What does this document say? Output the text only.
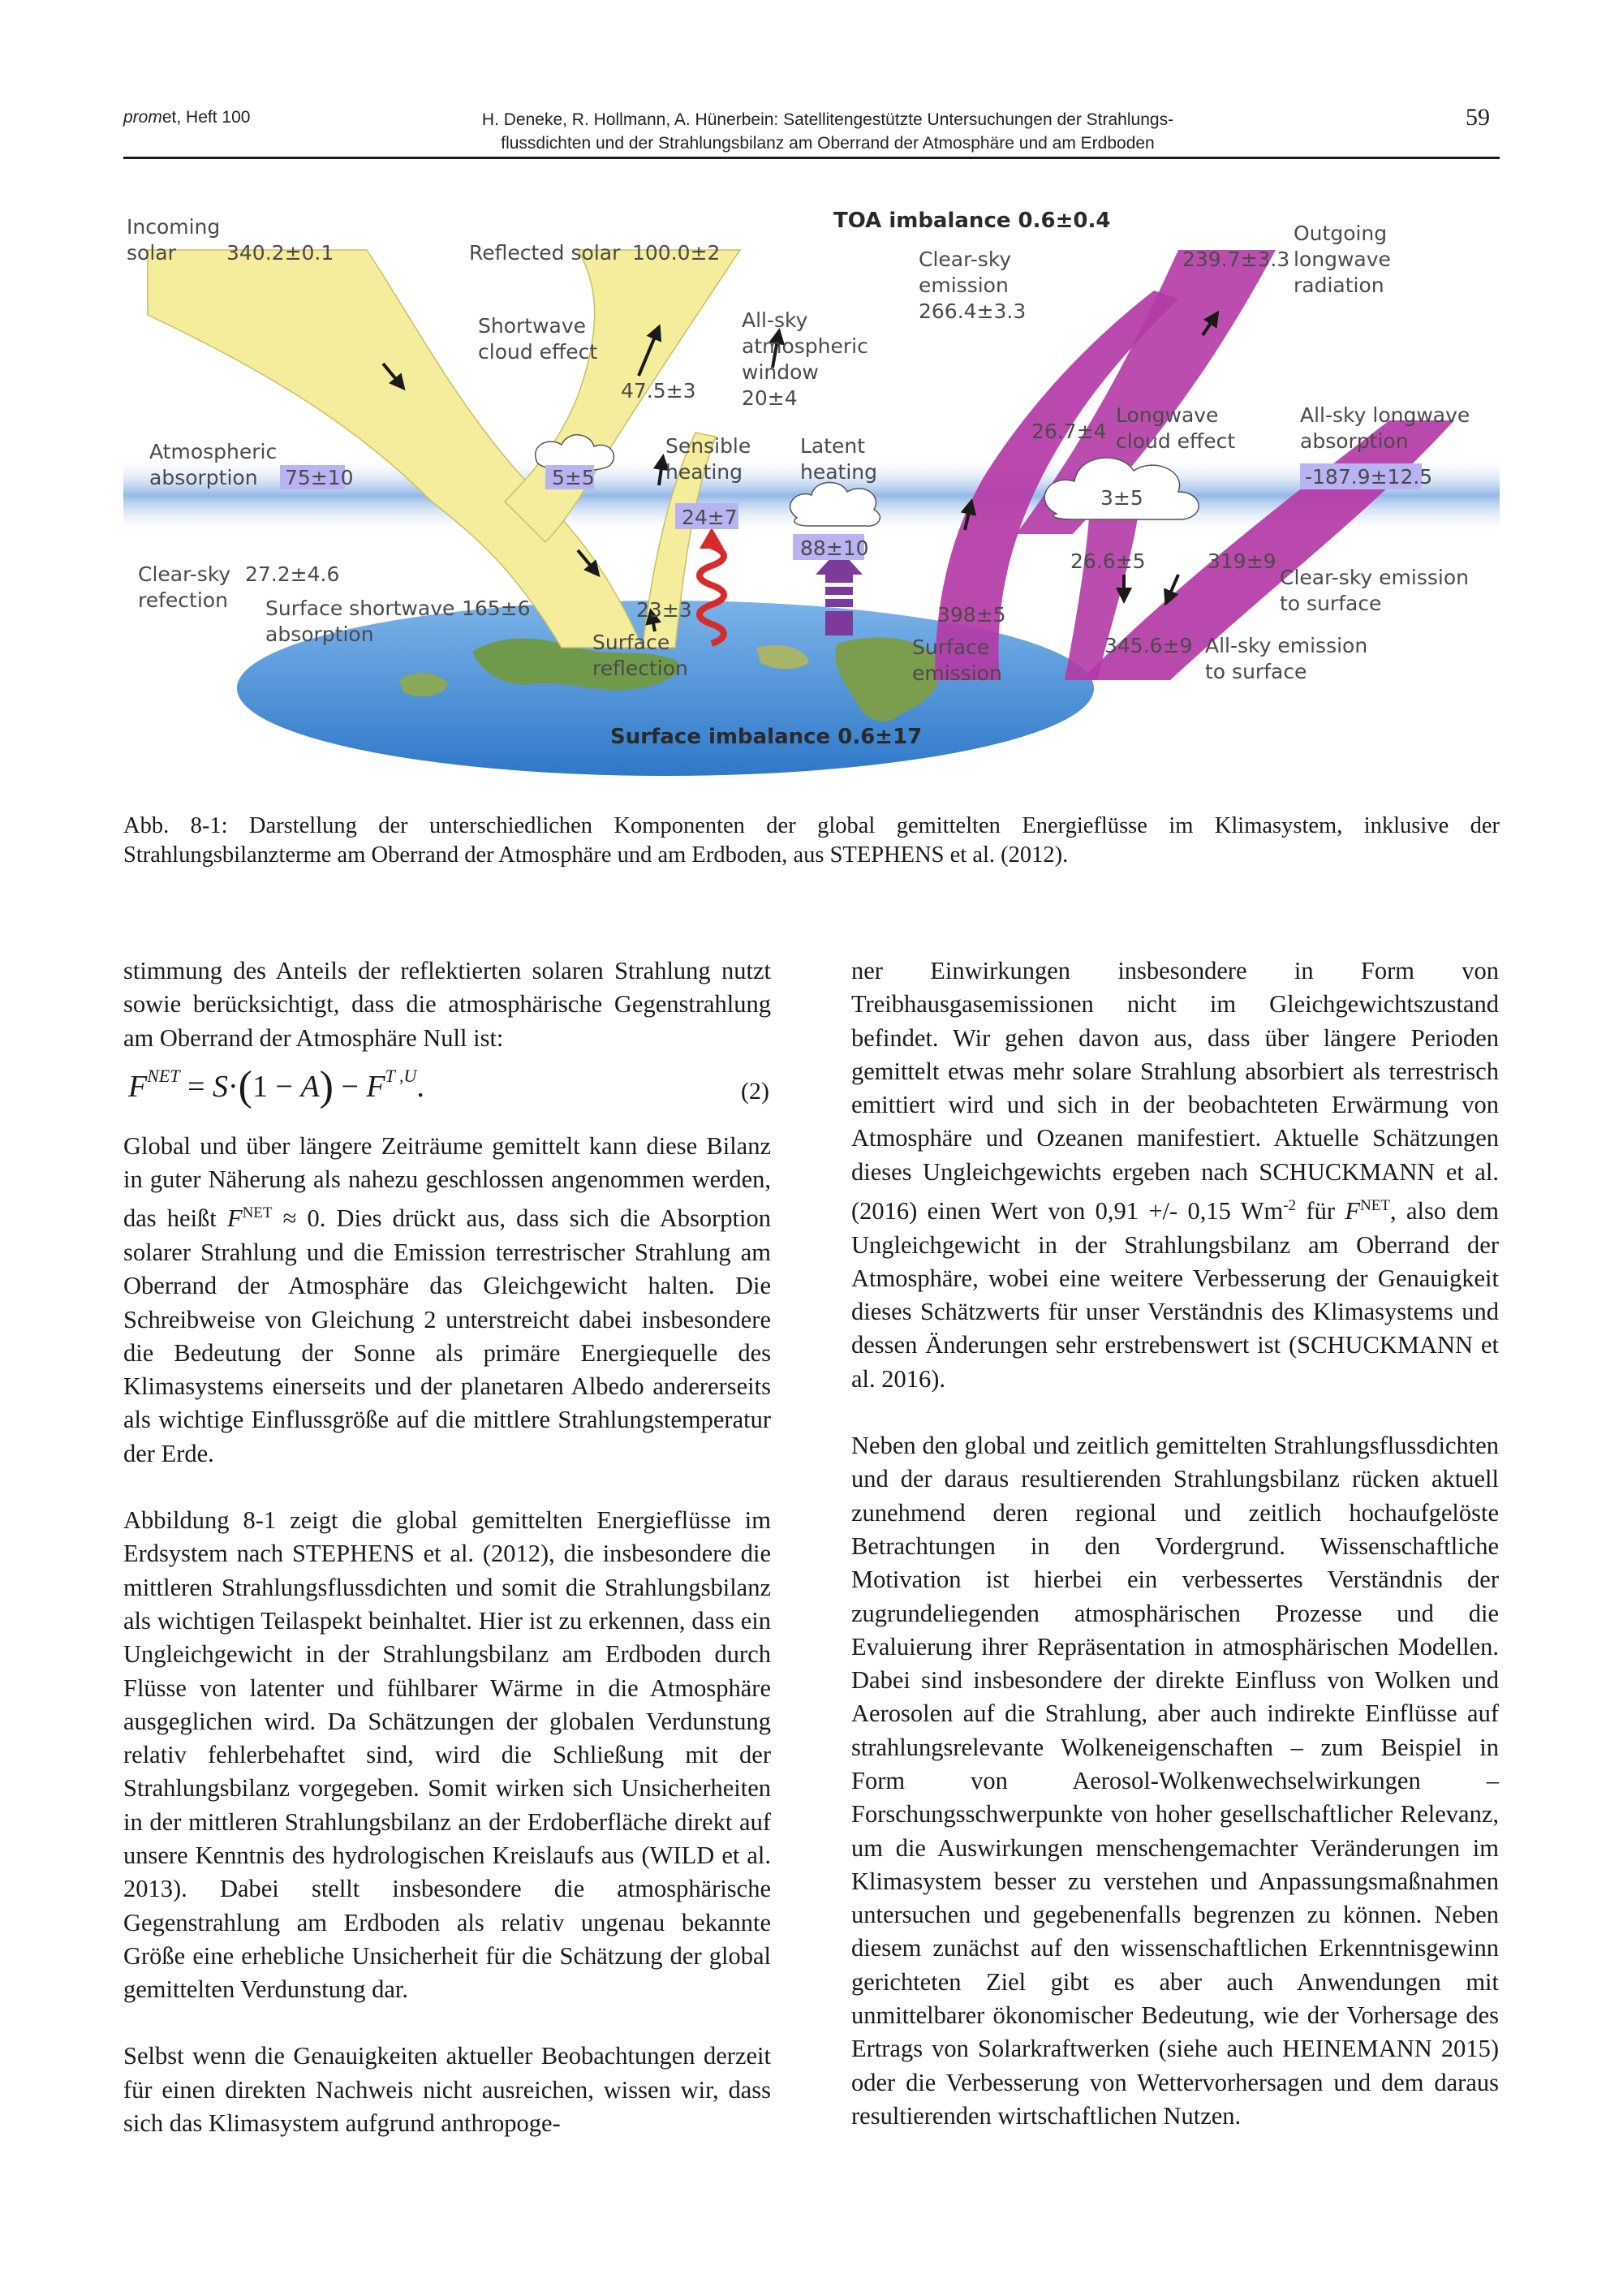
promet, Heft 100	H. Deneke, R. Hollmann, A. Hünerbein: Satellitengestützte Untersuchungen der Strahlungs-
flussdichten und der Strahlungsbilanz am Oberrand der Atmosphäre und am Erdboden
59
TOA imbalance 0.6±0.4
Incoming
solar 340.2±0.1	Reflected solar 100.0±2
Shortwave
cloud effect
47.5±3
All-sky
atmospheric
window
20±4
Clear-sky
emission
266.4±3.3
239.7±3.3
Outgoing
longwave
radiation
Atmospheric
absorption 75±10	5±5
Sensible
heating
24±7
Latent
heating
88±10
26.7±4
Longwave
cloud effect
3±5
All-sky longwave
absorption
-187.9±12.5
Clear-sky
refection
27.2±4.6
Surface shortwave
absorption
165±6	23±3
Surface
reflection
398±5
Surface
emission
26.6±5	319±9
Clear-sky emission
to surface
345.6±9 All-sky emission
to surface
Surface imbalance 0.6±17
Abb. 8-1: Darstellung der unterschiedlichen Komponenten der global gemittelten Energieflüsse im Klimasystem, inklusive der Strahlungsbilanzterme am Oberrand der Atmosphäre und am Erdboden, aus STEPHENS et al. (2012).

stimmung des Anteils der reflektierten solaren Strahlung nutzt sowie berücksichtigt, dass die atmosphärische Gegenstrahlung am Oberrand der Atmosphäre Null ist:

$F^{NET} = S\cdot(1 - A) - F^{T ,U}$.	(2)

Global und über längere Zeiträume gemittelt kann diese Bilanz in guter Näherung als nahezu geschlossen angenommen werden, das heißt $F^{NET} \approx 0$. Dies drückt aus, dass sich die Absorption solarer Strahlung und die Emission terrestrischer Strahlung am Oberrand der Atmosphäre das Gleichgewicht halten. Die Schreibweise von Gleichung 2 unterstreicht dabei insbesondere die Bedeutung der Sonne als primäre Energiequelle des Klimasystems einerseits und der planetaren Albedo andererseits als wichtige Einflussgröße auf die mittlere Strahlungstemperatur der Erde.

Abbildung 8-1 zeigt die global gemittelten Energieflüsse im Erdsystem nach STEPHENS et al. (2012), die insbesondere die mittleren Strahlungsflussdichten und somit die Strahlungsbilanz als wichtigen Teilaspekt beinhaltet. Hier ist zu erkennen, dass ein Ungleichgewicht in der Strahlungsbilanz am Erdboden durch Flüsse von latenter und fühlbarer Wärme in die Atmosphäre ausgeglichen wird. Da Schätzungen der globalen Verdunstung relativ fehlerbehaftet sind, wird die Schließung mit der Strahlungsbilanz vorgegeben. Somit wirken sich Unsicherheiten in der mittleren Strahlungsbilanz an der Erdoberfläche direkt auf unsere Kenntnis des hydrologischen Kreislaufs aus (WILD et al. 2013). Dabei stellt insbesondere die atmosphärische Gegenstrahlung am Erdboden als relativ ungenau bekannte Größe eine erhebliche Unsicherheit für die Schätzung der global gemittelten Verdunstung dar.

Selbst wenn die Genauigkeiten aktueller Beobachtungen derzeit für einen direkten Nachweis nicht ausreichen, wissen wir, dass sich das Klimasystem aufgrund anthropoge-

ner Einwirkungen insbesondere in Form von Treibhausgasemissionen nicht im Gleichgewichtszustand befindet. Wir gehen davon aus, dass über längere Perioden gemittelt etwas mehr solare Strahlung absorbiert als terrestrisch emittiert wird und sich in der beobachteten Erwärmung von Atmosphäre und Ozeanen manifestiert. Aktuelle Schätzungen dieses Ungleichgewichts ergeben nach SCHUCKMANN et al. (2016) einen Wert von 0,91 +/- 0,15 $Wm^{-2}$ für $F^{NET}$, also dem Ungleichgewicht in der Strahlungsbilanz am Oberrand der Atmosphäre, wobei eine weitere Verbesserung der Genauigkeit dieses Schätzwerts für unser Verständnis des Klimasystems und dessen Änderungen sehr erstrebenswert ist (SCHUCKMANN et al. 2016).

Neben den global und zeitlich gemittelten Strahlungsflussdichten und der daraus resultierenden Strahlungsbilanz rücken aktuell zunehmend deren regional und zeitlich hochaufgelöste Betrachtungen in den Vordergrund. Wissenschaftliche Motivation ist hierbei ein verbessertes Verständnis der zugrundeliegenden atmosphärischen Prozesse und die Evaluierung ihrer Repräsentation in atmosphärischen Modellen. Dabei sind insbesondere der direkte Einfluss von Wolken und Aerosolen auf die Strahlung, aber auch indirekte Einflüsse auf strahlungsrelevante Wolkeneigenschaften – zum Beispiel in Form von Aerosol-Wolkenwechselwirkungen – Forschungsschwerpunkte von hoher gesellschaftlicher Relevanz, um die Auswirkungen menschengemachter Veränderungen im Klimasystem besser zu verstehen und Anpassungsmaßnahmen untersuchen und gegebenenfalls begrenzen zu können. Neben diesem zunächst auf den wissenschaftlichen Erkenntnisgewinn gerichteten Ziel gibt es aber auch Anwendungen mit unmittelbarer ökonomischer Bedeutung, wie der Vorhersage des Ertrags von Solarkraftwerken (siehe auch HEINEMANN 2015) oder die Verbesserung von Wettervorhersagen und dem daraus resultierenden wirtschaftlichen Nutzen.
